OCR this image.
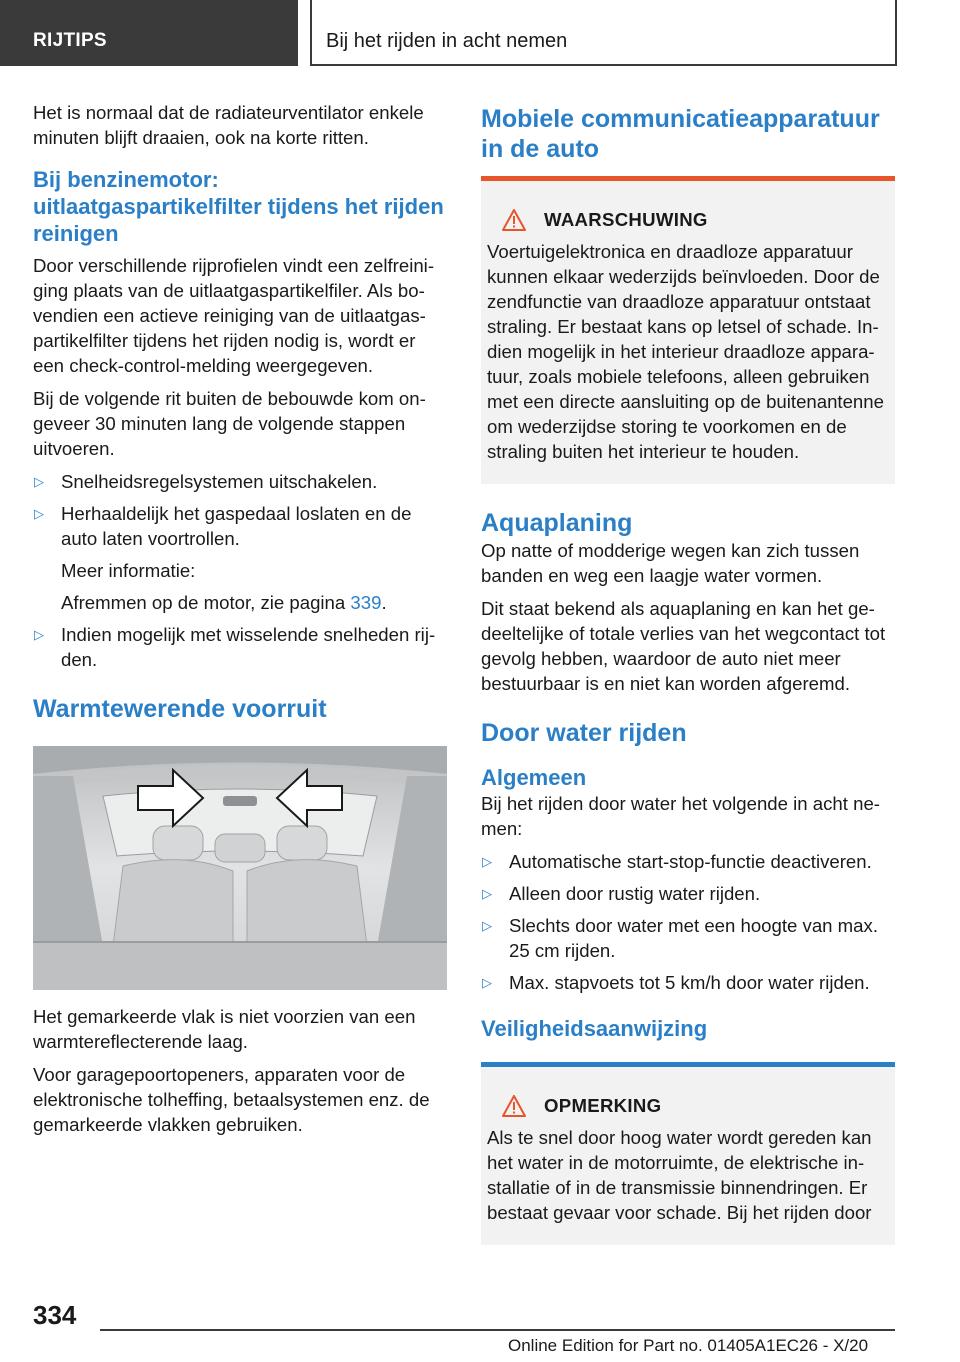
RIJTIPS	Bij het rijden in acht nemen

Het is normaal dat de radiateurventilator enkele minuten blijft draaien, ook na korte ritten.

Bij benzinemotor: uitlaatgaspartikelfilter tijdens het rijden reinigen

Door verschillende rijprofielen vindt een zelfreiniging plaats van de uitlaatgaspartikelfiler. Als bovendien een actieve reiniging van de uitlaatgaspartikelfilter tijdens het rijden nodig is, wordt er een check-control-melding weergegeven.

Bij de volgende rit buiten de bebouwde kom ongeveer 30 minuten lang de volgende stappen uitvoeren.

▷ Snelheidsregelsystemen uitschakelen.
▷ Herhaaldelijk het gaspedaal loslaten en de auto laten voortrollen.
Meer informatie:
Afremmen op de motor, zie pagina 339.
▷ Indien mogelijk met wisselende snelheden rijden.
Warmtewerende voorruit

Het gemarkeerde vlak is niet voorzien van een warmtereflecterende laag.

Voor garagepoortopeners, apparaten voor de elektronische tolheffing, betaalsystemen enz. de gemarkeerde vlakken gebruiken.

Mobiele communicatieapparatuur in de auto
WAARSCHUWING

Voertuigelektronica en draadloze apparatuur kunnen elkaar wederzijds beïnvloeden. Door de zendfunctie van draadloze apparatuur ontstaat straling. Er bestaat kans op letsel of schade. Indien mogelijk in het interieur draadloze apparatuur, zoals mobiele telefoons, alleen gebruiken met een directe aansluiting op de buitenantenne om wederzijdse storing te voorkomen en de straling buiten het interieur te houden.

Aquaplaning

Op natte of modderige wegen kan zich tussen banden en weg een laagje water vormen.

Dit staat bekend als aquaplaning en kan het gedeeltelijke of totale verlies van het wegcontact tot gevolg hebben, waardoor de auto niet meer bestuurbaar is en niet kan worden afgeremd.

Door water rijden
Algemeen

Bij het rijden door water het volgende in acht nemen:

▷ Automatische start-stop-functie deactiveren.
▷ Alleen door rustig water rijden.
▷ Slechts door water met een hoogte van max. 25 cm rijden.
▷ Max. stapvoets tot 5 km/h door water rijden.
Veiligheidsaanwijzing
OPMERKING

Als te snel door hoog water wordt gereden kan het water in de motorruimte, de elektrische installatie of in de transmissie binnendringen. Er bestaat gevaar voor schade. Bij het rijden door

334
Online Edition for Part no. 01405A1EC26 - X/20
